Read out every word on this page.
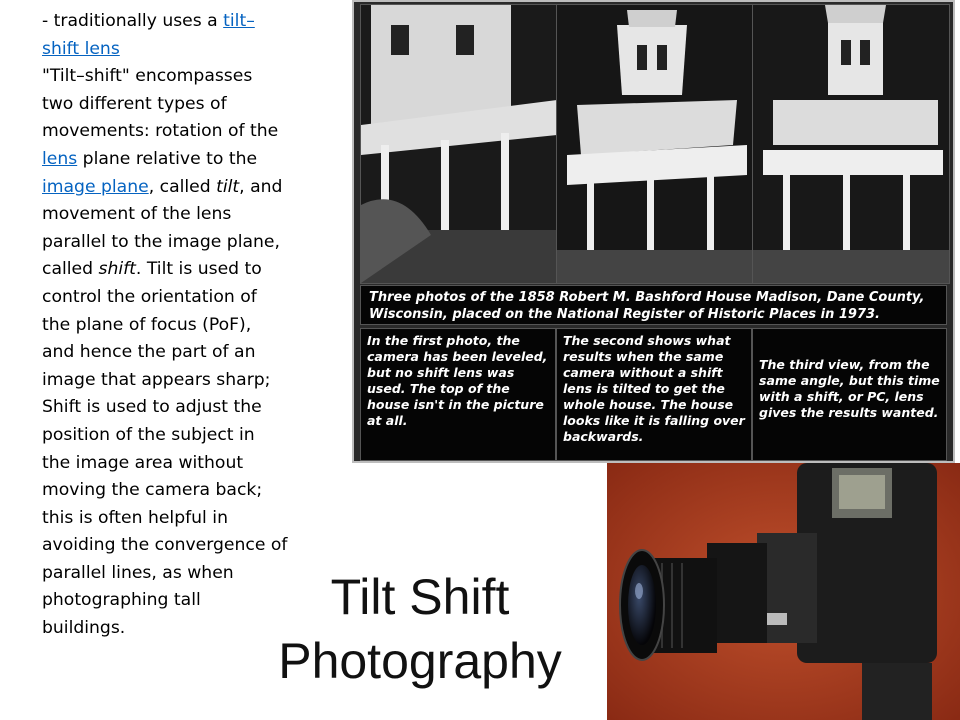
- traditionally uses a tilt–
shift lens
"Tilt–shift" encompasses
two different types of
movements: rotation of the
lens plane relative to the
image plane, called tilt, and
movement of the lens
parallel to the image plane,
called shift. Tilt is used to
control the orientation of
the plane of focus (PoF),
and hence the part of an
image that appears sharp;
Shift is used to adjust the
position of the subject in
the image area without
moving the camera back;
this is often helpful in
avoiding the convergence of
parallel lines, as when
photographing tall
buildings.
Tilt Shift
Photography
Three photos of the 1858 Robert M. Bashford House Madison, Dane County,
Wisconsin, placed on the National Register of Historic Places in 1973.
In the first photo, the
camera has been leveled,
but no shift lens was
used. The top of the
house isn't in the picture
at all.
The second shows what
results when the same
camera without a shift
lens is tilted to get the
whole house. The house
looks like it is falling over
backwards.
The third view, from the
same angle, but this time
with a shift, or PC, lens
gives the results wanted.
